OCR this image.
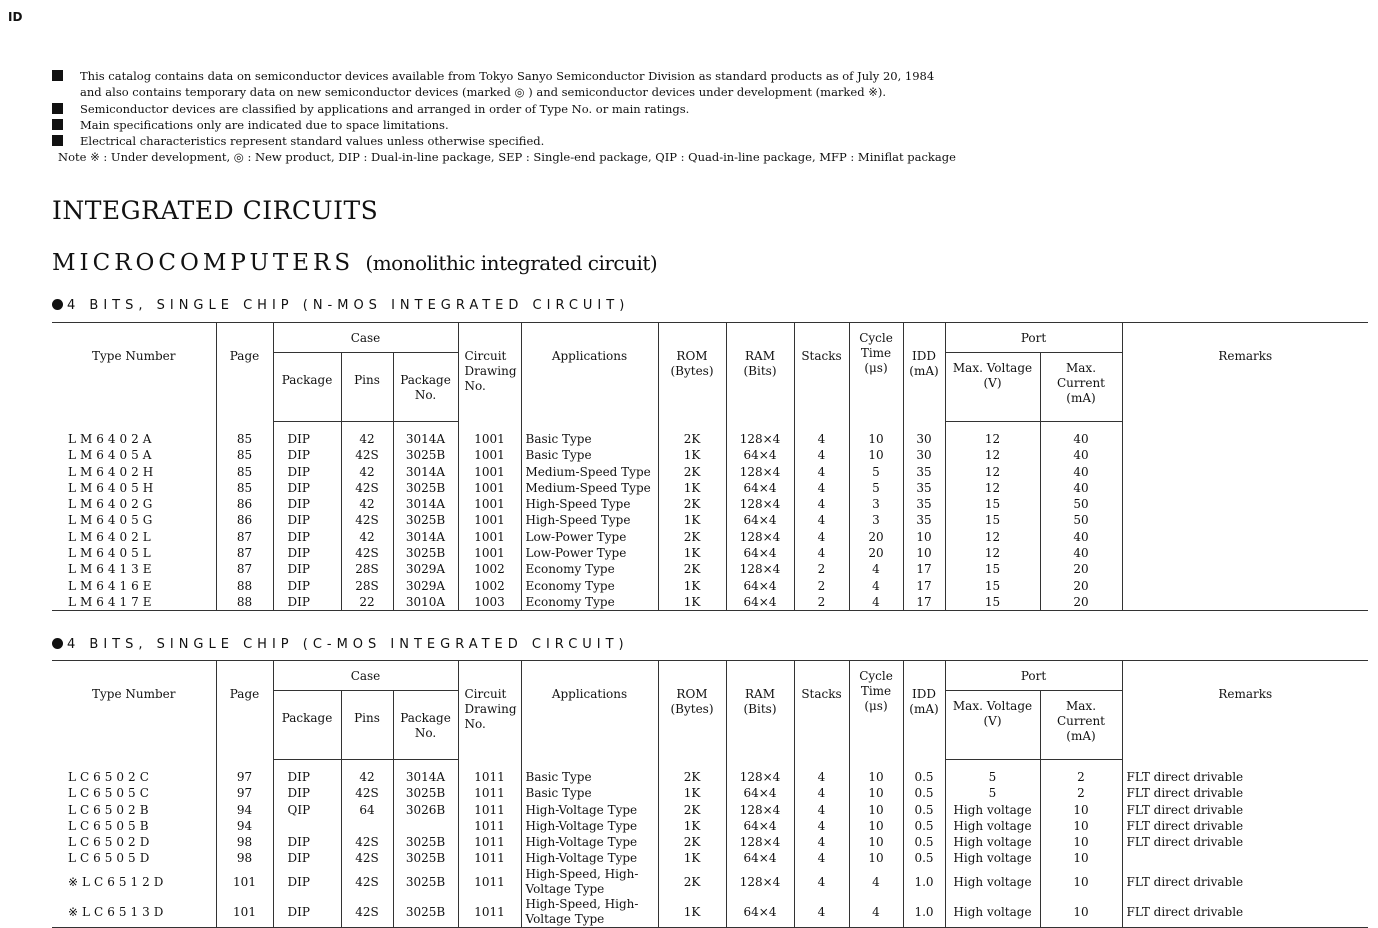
ID
This catalog contains data on semiconductor devices available from Tokyo Sanyo Semiconductor Division as standard products as of July 20, 1984
and also contains temporary data on new semiconductor devices (marked ◎ ) and semiconductor devices under development (marked ※).
Semiconductor devices are classified by applications and arranged in order of Type No. or main ratings.
Main specifications only are indicated due to space limitations.
Electrical characteristics represent standard values unless otherwise specified.
Note ※ : Under development, ◎ : New product, DIP : Dual-in-line package, SEP : Single-end package, QIP : Quad-in-line package, MFP : Miniflat package
INTEGRATED CIRCUITS
MICROCOMPUTERS (monolithic integrated circuit)
4 BITS, SINGLE CHIP (N-MOS INTEGRATED CIRCUIT)
Type Number	Page	Case			Circuit Drawing No.	Applications	ROM (Bytes)	RAM (Bits)	Stacks	Cycle Time (μs)	IDD (mA)	Port		Remarks
		Package	Pins	Package No.								Max. Voltage (V)	Max. Current (mA)	
LM6402A	85	DIP	42	3014A	1001	Basic Type	2K	128×4	4	10	30	12	40	
LM6405A	85	DIP	42S	3025B	1001	Basic Type	1K	64×4	4	10	30	12	40	
LM6402H	85	DIP	42	3014A	1001	Medium-Speed Type	2K	128×4	4	5	35	12	40	
LM6405H	85	DIP	42S	3025B	1001	Medium-Speed Type	1K	64×4	4	5	35	12	40	
LM6402G	86	DIP	42	3014A	1001	High-Speed Type	2K	128×4	4	3	35	15	50	
LM6405G	86	DIP	42S	3025B	1001	High-Speed Type	1K	64×4	4	3	35	15	50	
LM6402L	87	DIP	42	3014A	1001	Low-Power Type	2K	128×4	4	20	10	12	40	
LM6405L	87	DIP	42S	3025B	1001	Low-Power Type	1K	64×4	4	20	10	12	40	
LM6413E	87	DIP	28S	3029A	1002	Economy Type	2K	128×4	2	4	17	15	20	
LM6416E	88	DIP	28S	3029A	1002	Economy Type	1K	64×4	2	4	17	15	20	
LM6417E	88	DIP	22	3010A	1003	Economy Type	1K	64×4	2	4	17	15	20	
4 BITS, SINGLE CHIP (C-MOS INTEGRATED CIRCUIT)
Type Number	Page	Case			Circuit Drawing No.	Applications	ROM (Bytes)	RAM (Bits)	Stacks	Cycle Time (μs)	IDD (mA)	Port		Remarks
		Package	Pins	Package No.								Max. Voltage (V)	Max. Current (mA)	
LC6502C	97	DIP	42	3014A	1011	Basic Type	2K	128×4	4	10	0.5	5	2	FLT direct drivable
LC6505C	97	DIP	42S	3025B	1011	Basic Type	1K	64×4	4	10	0.5	5	2	FLT direct drivable
LC6502B	94	QIP	64	3026B	1011	High-Voltage Type	2K	128×4	4	10	0.5	High voltage	10	FLT direct drivable
LC6505B	94				1011	High-Voltage Type	1K	64×4	4	10	0.5	High voltage	10	FLT direct drivable
LC6502D	98	DIP	42S	3025B	1011	High-Voltage Type	2K	128×4	4	10	0.5	High voltage	10	FLT direct drivable
LC6505D	98	DIP	42S	3025B	1011	High-Voltage Type	1K	64×4	4	10	0.5	High voltage	10	
※LC6512D	101	DIP	42S	3025B	1011	High-Speed, High-Voltage Type	2K	128×4	4	4	1.0	High voltage	10	FLT direct drivable
※LC6513D	101	DIP	42S	3025B	1011	High-Speed, High-Voltage Type	1K	64×4	4	4	1.0	High voltage	10	FLT direct drivable
